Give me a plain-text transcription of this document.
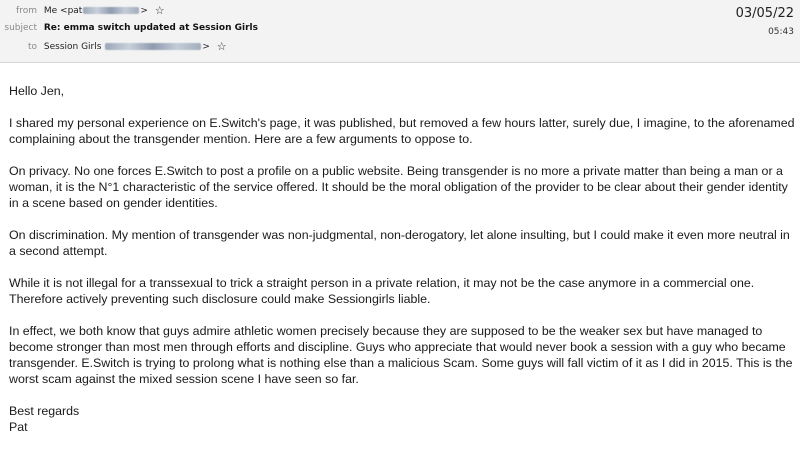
from Me <pat	> ☆
subject Re: emma switch updated at Session Girls
to Session Girls	> ☆
03/05/22
05:43

Hello Jen,

I shared my personal experience on E.Switch's page, it was published, but removed a few hours latter, surely due, I imagine, to the aforenamed complaining about the transgender mention. Here are a few arguments to oppose to.

On privacy. No one forces E.Switch to post a profile on a public website. Being transgender is no more a private matter than being a man or a woman, it is the N°1 characteristic of the service offered. It should be the moral obligation of the provider to be clear about their gender identity in a scene based on gender identities.

On discrimination. My mention of transgender was non-judgmental, non-derogatory, let alone insulting, but I could make it even more neutral in a second attempt.

While it is not illegal for a transsexual to trick a straight person in a private relation, it may not be the case anymore in a commercial one. Therefore actively preventing such disclosure could make Sessiongirls liable.

In effect, we both know that guys admire athletic women precisely because they are supposed to be the weaker sex but have managed to become stronger than most men through efforts and discipline. Guys who appreciate that would never book a session with a guy who became transgender. E.Switch is trying to prolong what is nothing else than a malicious Scam. Some guys will fall victim of it as I did in 2015. This is the worst scam against the mixed session scene I have seen so far.

Best regards
Pat
